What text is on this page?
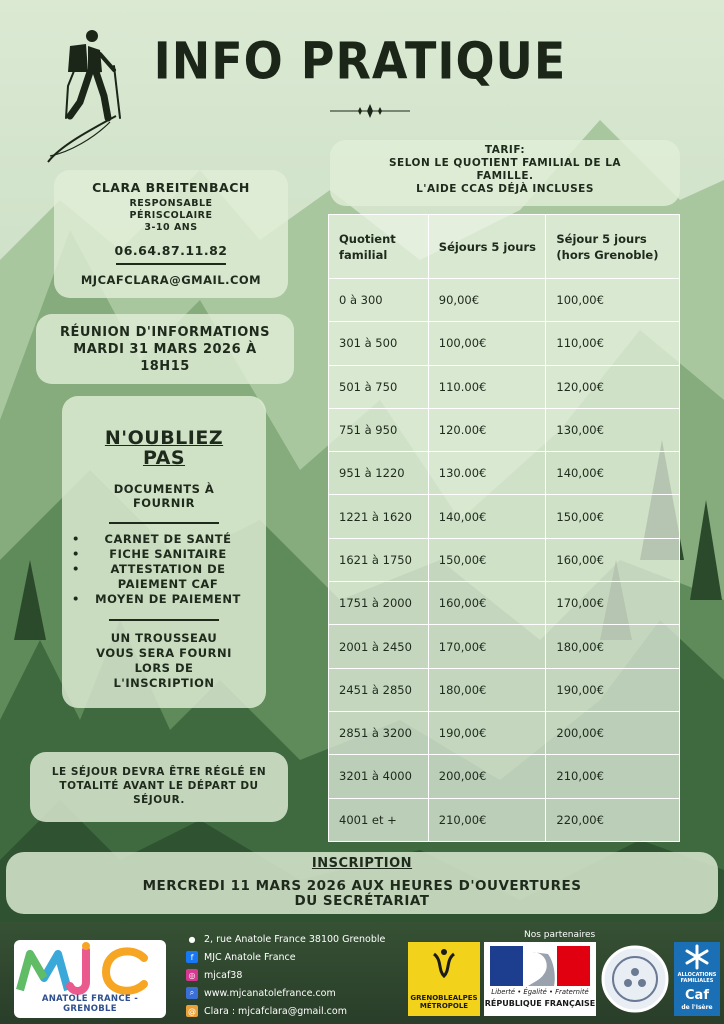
INFO PRATIQUE
CLARA BREITENBACH
RESPONSABLE
PÉRISCOLAIRE
3-10 ANS
06.64.87.11.82
MJCAFCLARA@GMAIL.COM
RÉUNION D'INFORMATIONS
MARDI 31 MARS 2026 À
18H15
N'OUBLIEZ
PAS
DOCUMENTS À
FOURNIR
• CARNET DE SANTÉ
• FICHE SANITAIRE
• ATTESTATION DE PAIEMENT CAF
• MOYEN DE PAIEMENT
UN TROUSSEAU
VOUS SERA FOURNI
LORS DE
L'INSCRIPTION
LE SÉJOUR DEVRA ÊTRE RÉGLÉ EN
TOTALITÉ AVANT LE DÉPART DU
SÉJOUR.
TARIF:
SELON LE QUOTIENT FAMILIAL DE LA
FAMILLE.
L'AIDE CCAS DÉJÀ INCLUSES
Quotient familial	Séjours 5 jours	Séjour 5 jours (hors Grenoble)
0 à 300	90,00€	100,00€
301 à 500	100,00€	110,00€
501 à 750	110.00€	120,00€
751 à 950	120.00€	130,00€
951 à 1220	130.00€	140,00€
1221 à 1620	140,00€	150,00€
1621 à 1750	150,00€	160,00€
1751 à 2000	160,00€	170,00€
2001 à 2450	170,00€	180,00€
2451 à 2850	180,00€	190,00€
2851 à 3200	190,00€	200,00€
3201 à 4000	200,00€	210,00€
4001 et +	210,00€	220,00€
INSCRIPTION
MERCREDI 11 MARS 2026 AUX HEURES D'OUVERTURES
DU SECRÉTARIAT
ANATOLE FRANCE - GRENOBLE
● 2, rue Anatole France 38100 Grenoble
f	MJC Anatole France
◎ mjcaf38
⌕	www.mjcanatolefrance.com
@ Clara : mjcafclara@gmail.com
Nos partenaires
GRENOBLEALPES MÉTROPOLE
Liberté • Égalité • Fraternité
RÉPUBLIQUE FRANÇAISE
ALLOCATIONS FAMILIALES
Caf
de l'Isère
